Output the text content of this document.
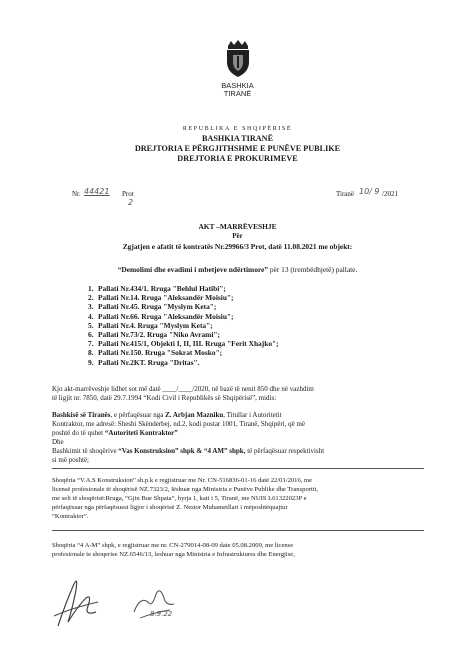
BASHKIA
TIRANË
REPUBLIKA E SHQIPËRISË
BASHKIA TIRANË
DREJTORIA E PËRGJITHSHME E PUNËVE PUBLIKE
DREJTORIA E PROKURIMEVE
Nr. 44421 Prot
2
Tiranë 10/ 9 /2021
AKT –MARRËVESHJE
Për
Zgjatjen e afatit të kontratës Nr.29966/3 Prot, datë 11.08.2021 me objekt:
“Demolimi dhe evadimi i mbetjeve ndërtimore” për 13 (trembëdhjetë) pallate.
1. Pallati Nr.434/1. Rruga "Behlul Hatibi";
2. Pallati Nr.14. Rruga "Aleksandër Moisiu";
3. Pallati Nr.45. Rruga "Myslym Keta";
4. Pallati Nr.66. Rruga "Aleksandër Moisiu";
5. Pallati Nr.4. Rruga "Myslym Keta";
6. Pallati Nr.73/2. Rruga "Niko Avrami";
7. Pallati Nr.415/1, Objekti I, II, III. Rruga "Ferit Xhajko";
8. Pallati Nr.150. Rruga "Sokrat Mosko";
9. Pallati Nr.2KT. Rruga "Dritas".
Kjo akt-marrëveshje lidhet sot më datë ____/____/2020, në bazë të nenit 850 dhe në vazhdim
të ligjit nr. 7850, datë 29.7.1994 “Kodi Civil i Republikës së Shqipërisë”, midis:
Bashkisë së Tiranës, e përfaqësuar nga Z. Arbjan Mazniku, Titullar i Autoritetit
Kontraktor, me adresë: Sheshi Skënderbej, nd.2, kodi postar 1001, Tiranë, Shqipëri, që më
poshtë do të quhet “Autoriteti Kontraktor”
Dhe
Bashkimit të shoqërive “Vas Konstruksion” shpk & “4 AM” shpk, të përfaqësuar respektivisht
si më poshtë;
Shoqëria “V.A.S Konstruksion” sh.p.k e regjistruar me Nr. CN-516836-01-16 datë 22/01/2016, me
licensë profesionale të shoqërisë NZ.7323/2, lëshuar nga Ministria e Punëve Publike dhe Transportit,
me seli të shoqërisë:Rruga, “Gjin Bue Shpata”, hyrja 1, kati i 5, Tiranë, me NUIS L61322023P e
përfaqësuar nga përfaqësuesi ligjor i shoqërisë Z. Nestor Muhametllari i mëposhtëquajtur
“Kontraktor”.
Shoqëria “4 A-M” shpk, e regjistruar me nr. CN-279014-08-09 date 05.08.2009, me license
profesionale te shoqerise NZ.6546/13, leshuar nga Ministria e Infrastruktures dhe Energjise,
8.9.22
